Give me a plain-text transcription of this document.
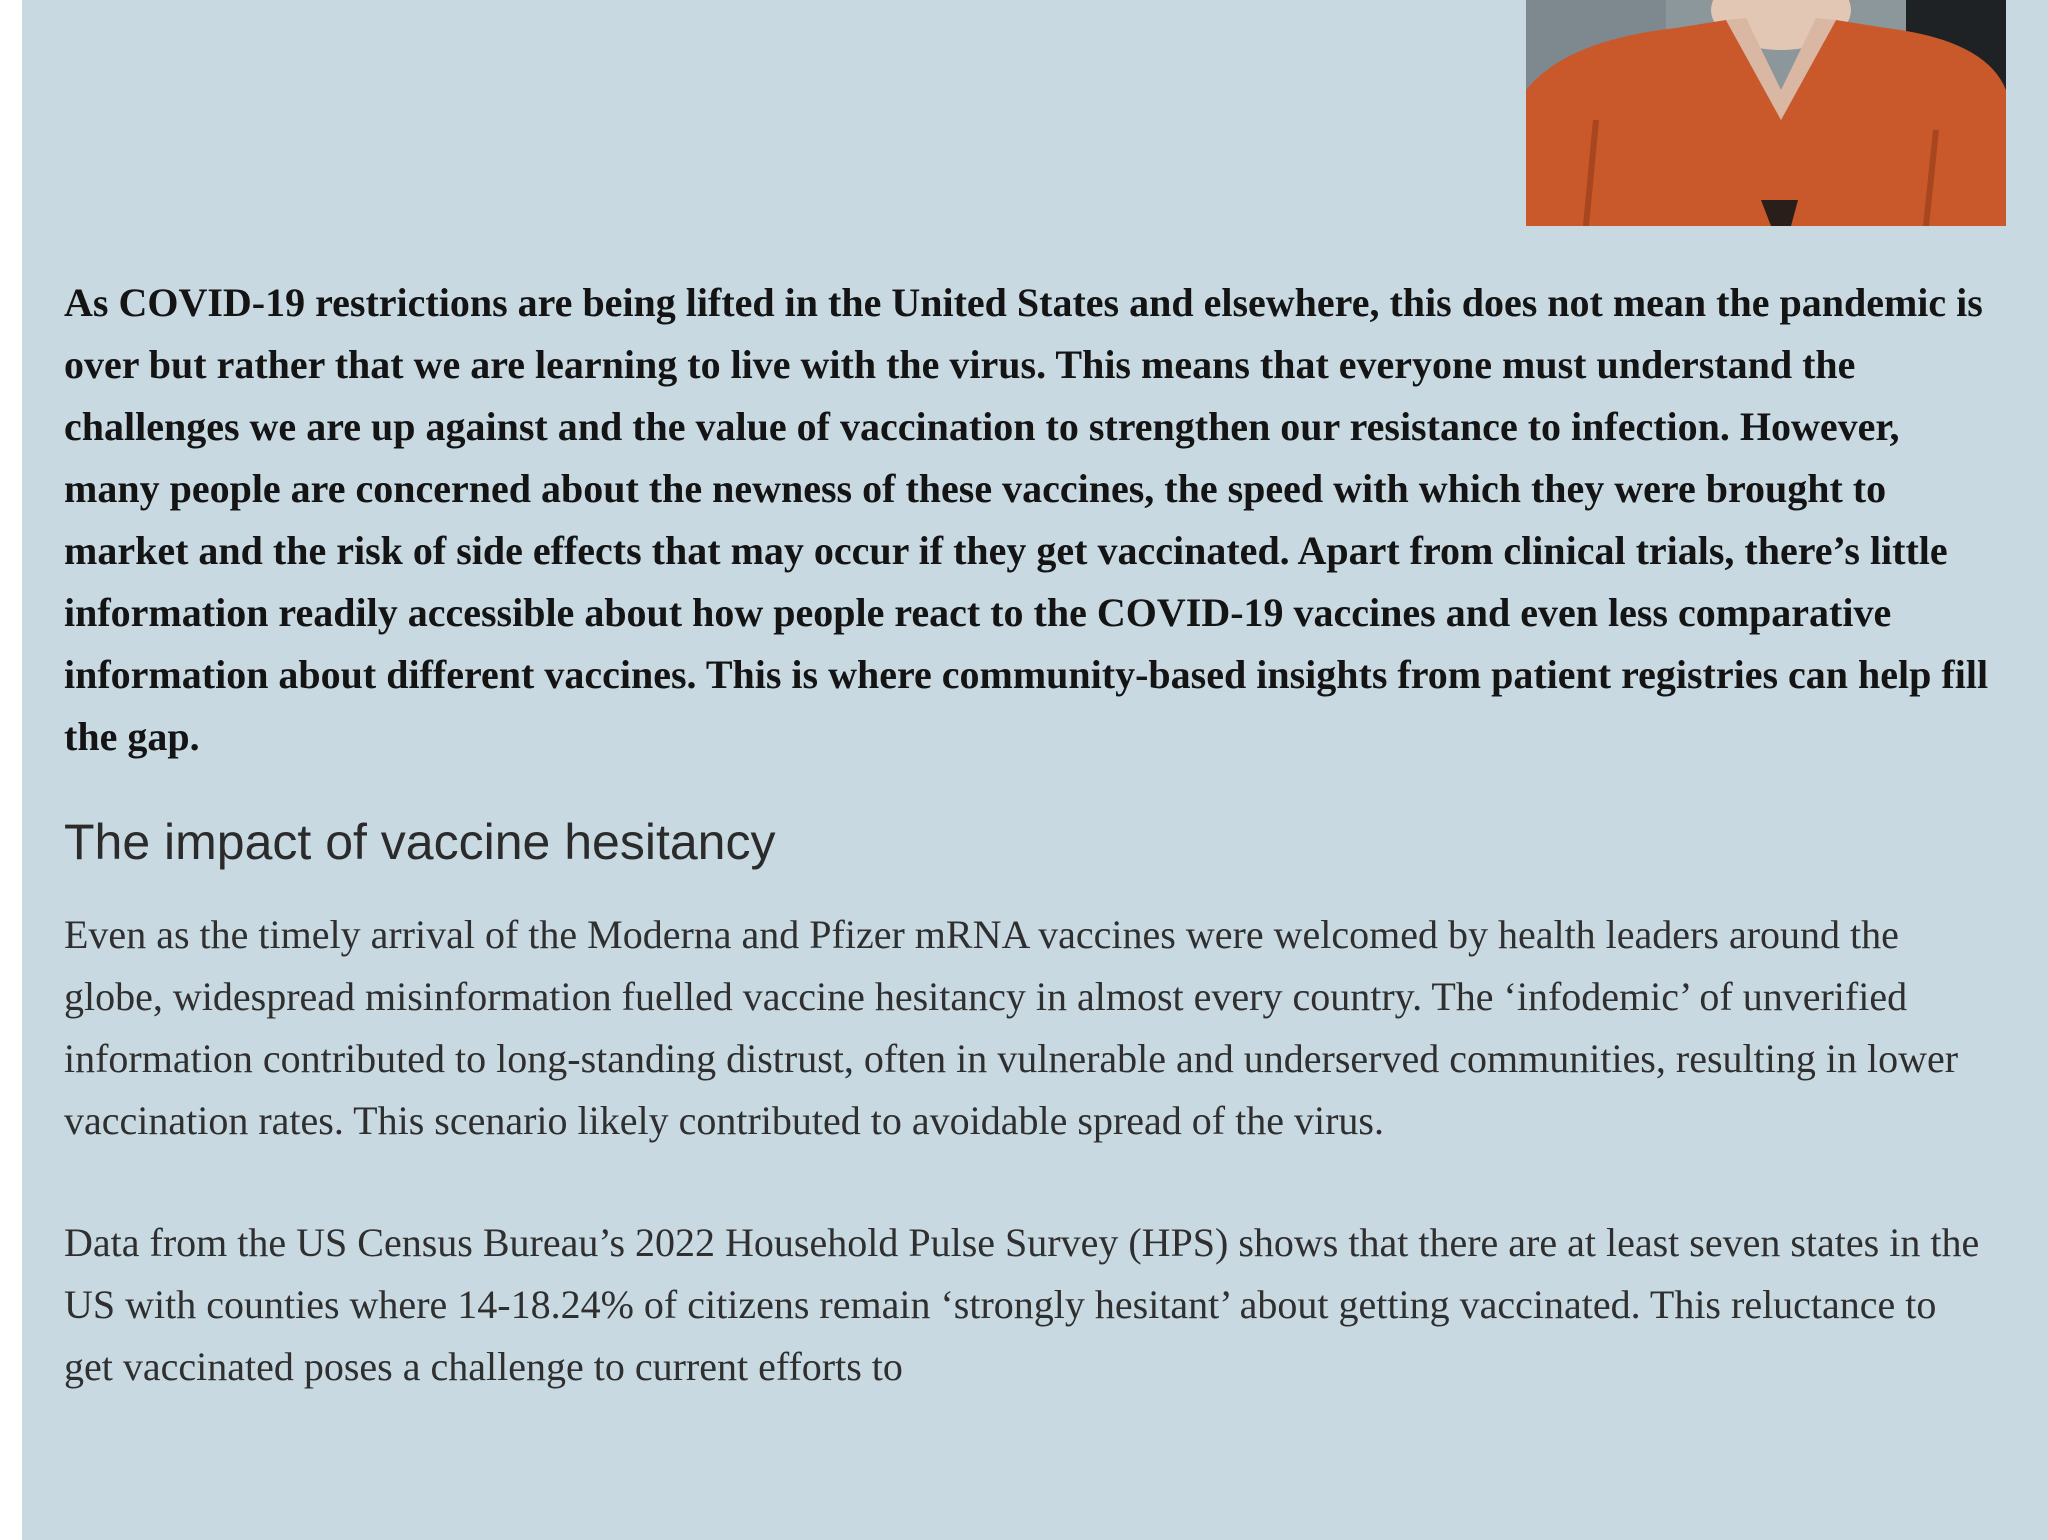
As COVID-19 restrictions are being lifted in the United States and elsewhere, this does not mean the pandemic is over but rather that we are learning to live with the virus. This means that everyone must understand the challenges we are up against and the value of vaccination to strengthen our resistance to infection. However, many people are concerned about the newness of these vaccines, the speed with which they were brought to market and the risk of side effects that may occur if they get vaccinated. Apart from clinical trials, there’s little information readily accessible about how people react to the COVID-19 vaccines and even less comparative information about different vaccines. This is where community-based insights from patient registries can help fill the gap.

The impact of vaccine hesitancy

Even as the timely arrival of the Moderna and Pfizer mRNA vaccines were welcomed by health leaders around the globe, widespread misinformation fuelled vaccine hesitancy in almost every country. The ‘infodemic’ of unverified information contributed to long-standing distrust, often in vulnerable and underserved communities, resulting in lower vaccination rates. This scenario likely contributed to avoidable spread of the virus.

Data from the US Census Bureau’s 2022 Household Pulse Survey (HPS) shows that there are at least seven states in the US with counties where 14-18.24% of citizens remain ‘strongly hesitant’ about getting vaccinated. This reluctance to get vaccinated poses a challenge to current efforts to
